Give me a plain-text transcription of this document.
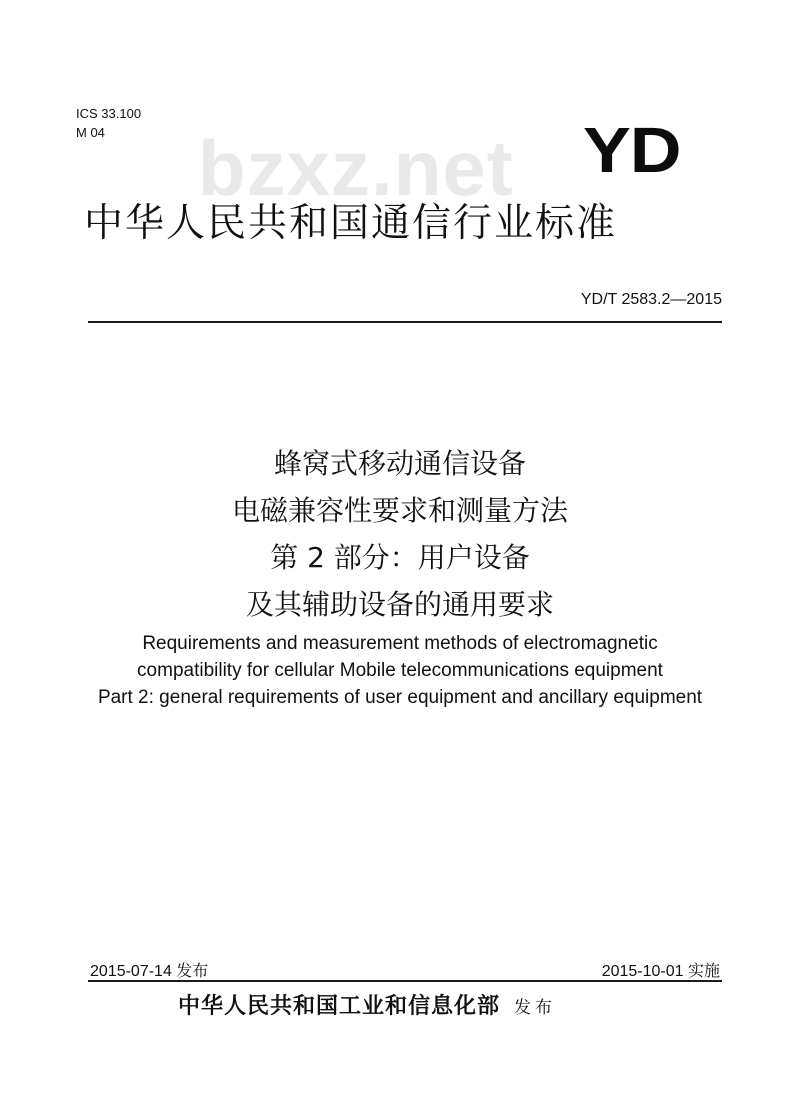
ICS 33.100
M 04	bzxz.net YD
中华人民共和国通信行业标准
YD/T 2583.2—2015
蜂窝式移动通信设备
电磁兼容性要求和测量方法
第 2 部分：用户设备
及其辅助设备的通用要求
Requirements and measurement methods of electromagnetic
compatibility for cellular Mobile telecommunications equipment
Part 2: general requirements of user equipment and ancillary equipment
2015-07-14 发布	2015-10-01 实施
中华人民共和国工业和信息化部 发布
